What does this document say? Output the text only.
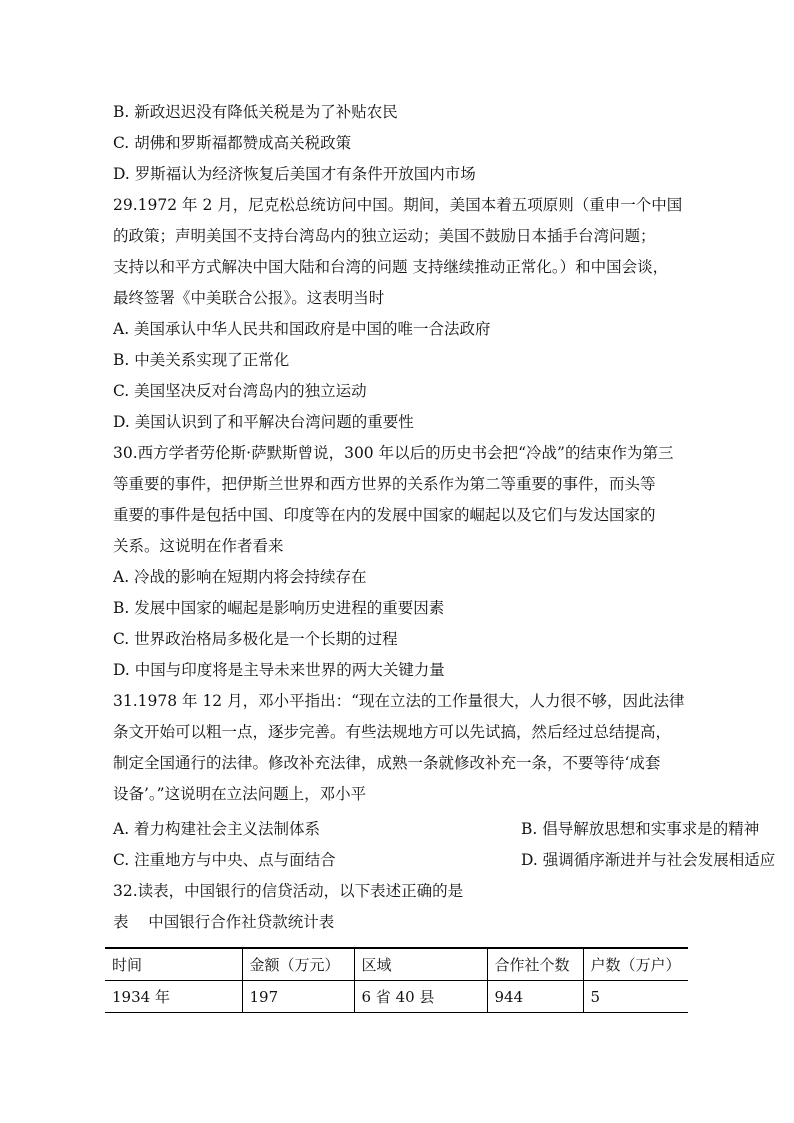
B. 新政迟迟没有降低关税是为了补贴农民
C. 胡佛和罗斯福都赞成高关税政策
D. 罗斯福认为经济恢复后美国才有条件开放国内市场
29.1972 年 2 月，尼克松总统访问中国。期间，美国本着五项原则（重申一个中国
的政策；声明美国不支持台湾岛内的独立运动；美国不鼓励日本插手台湾问题；
支持以和平方式解决中国大陆和台湾的问题 支持继续推动正常化。）和中国会谈，
最终签署《中美联合公报》。这表明当时
A. 美国承认中华人民共和国政府是中国的唯一合法政府
B. 中美关系实现了正常化
C. 美国坚决反对台湾岛内的独立运动
D. 美国认识到了和平解决台湾问题的重要性
30.西方学者劳伦斯·萨默斯曾说，300 年以后的历史书会把“冷战”的结束作为第三
等重要的事件，把伊斯兰世界和西方世界的关系作为第二等重要的事件，而头等
重要的事件是包括中国、印度等在内的发展中国家的崛起以及它们与发达国家的
关系。这说明在作者看来
A. 冷战的影响在短期内将会持续存在
B. 发展中国家的崛起是影响历史进程的重要因素
C. 世界政治格局多极化是一个长期的过程
D. 中国与印度将是主导未来世界的两大关键力量
31.1978 年 12 月，邓小平指出：“现在立法的工作量很大，人力很不够，因此法律
条文开始可以粗一点，逐步完善。有些法规地方可以先试搞，然后经过总结提高，
制定全国通行的法律。修改补充法律，成熟一条就修改补充一条，不要等待‘成套
设备’。”这说明在立法问题上，邓小平
A. 着力构建社会主义法制体系	B. 倡导解放思想和实事求是的精神
C. 注重地方与中央、点与面结合	D. 强调循序渐进并与社会发展相适应
32.读表，中国银行的信贷活动，以下表述正确的是
表    中国银行合作社贷款统计表
时间	金额（万元）	区域	合作社个数	户数（万户）
1934 年	197	6 省 40 县	944	5
